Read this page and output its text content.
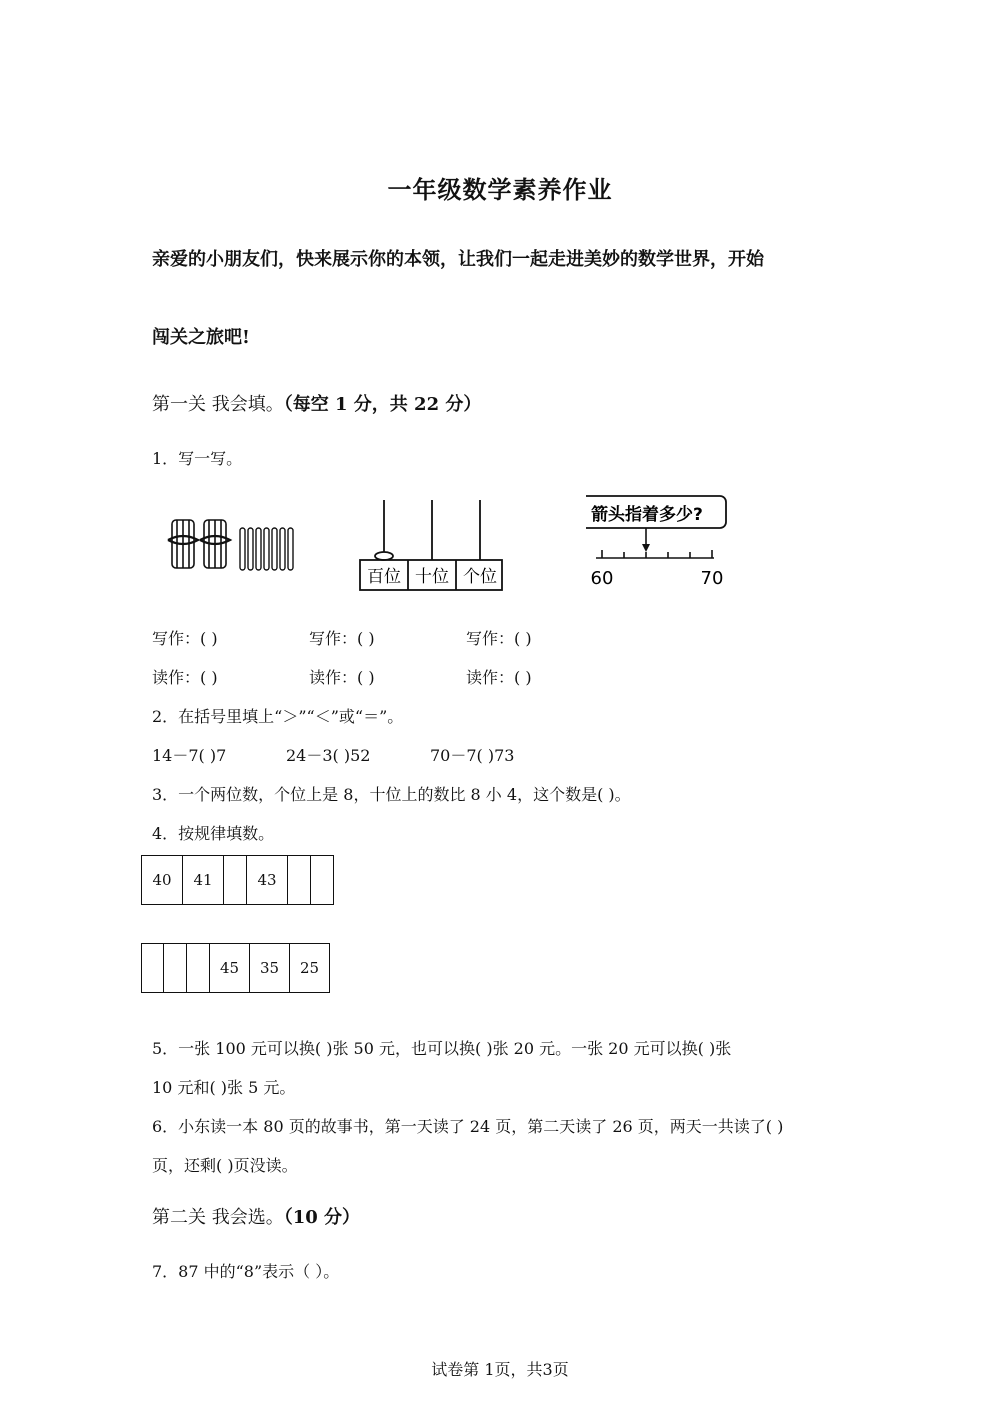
一年级数学素养作业
亲爱的小朋友们，快来展示你的本领，让我们一起走进美妙的数学世界，开始
闯关之旅吧!
第一关 我会填。（每空 1 分，共 22 分）
1．写一写。
百位 十位 个位
箭头指着多少?
60	70
写作：( )	写作：( )	写作：( )
读作：( )	读作：( )	读作：( )
2．在括号里填上“＞”“＜”或“＝”。
14－7( )7	24－3( )52	70－7( )73
3．一个两位数，个位上是 8，十位上的数比 8 小 4，这个数是( )。
4．按规律填数。
40	41		43		
			45	35	25
5．一张 100 元可以换( )张 50 元，也可以换( )张 20 元。一张 20 元可以换( )张
10 元和( )张 5 元。
6．小东读一本 80 页的故事书，第一天读了 24 页，第二天读了 26 页，两天一共读了( )
页，还剩( )页没读。
第二关 我会选。（10 分）
7．87 中的“8”表示（ ）。
试卷第 1页，共3页
